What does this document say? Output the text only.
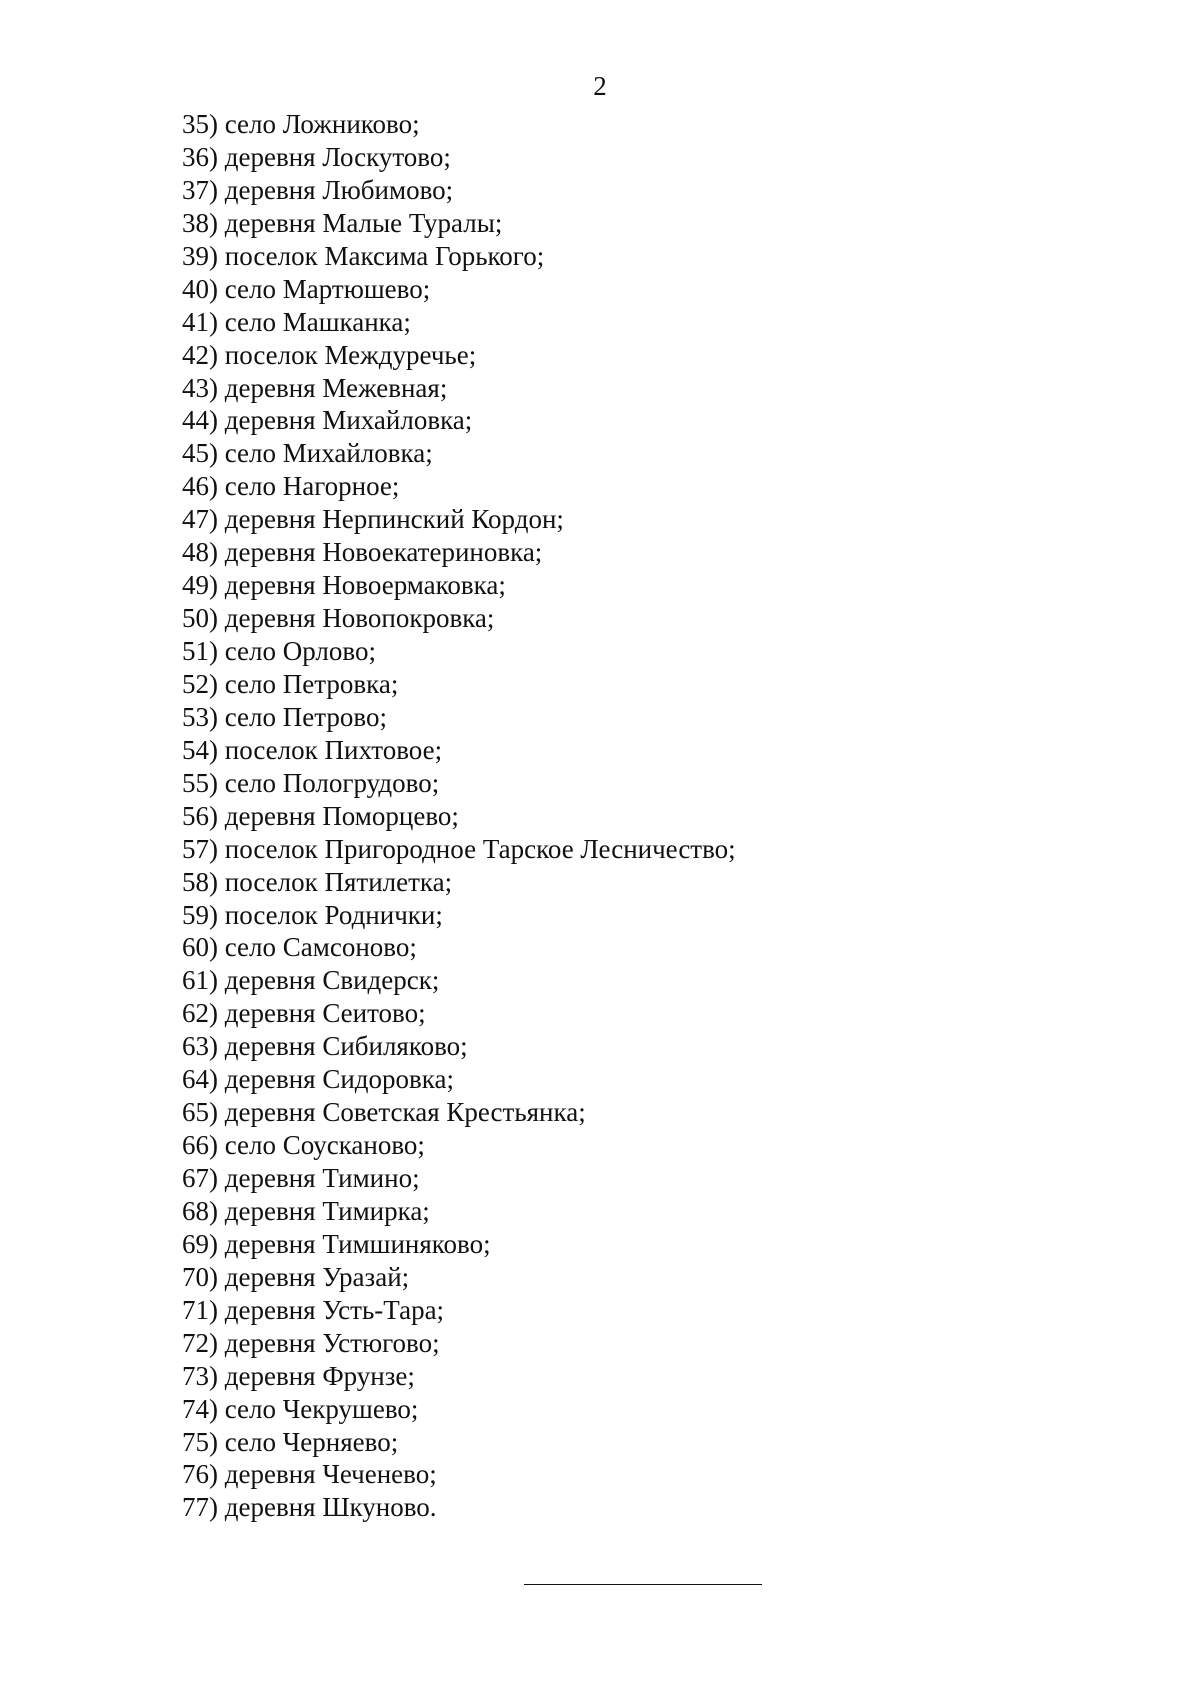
2
35) село Ложниково;
36) деревня Лоскутово;
37) деревня Любимово;
38) деревня Малые Туралы;
39) поселок Максима Горького;
40) село Мартюшево;
41) село Машканка;
42) поселок Междуречье;
43) деревня Межевная;
44) деревня Михайловка;
45) село Михайловка;
46) село Нагорное;
47) деревня Нерпинский Кордон;
48) деревня Новоекатериновка;
49) деревня Новоермаковка;
50) деревня Новопокровка;
51) село Орлово;
52) село Петровка;
53) село Петрово;
54) поселок Пихтовое;
55) село Пологрудово;
56) деревня Поморцево;
57) поселок Пригородное Тарское Лесничество;
58) поселок Пятилетка;
59) поселок Роднички;
60) село Самсоново;
61) деревня Свидерск;
62) деревня Сеитово;
63) деревня Сибиляково;
64) деревня Сидоровка;
65) деревня Советская Крестьянка;
66) село Соусканово;
67) деревня Тимино;
68) деревня Тимирка;
69) деревня Тимшиняково;
70) деревня Уразай;
71) деревня Усть-Тара;
72) деревня Устюгово;
73) деревня Фрунзе;
74) село Чекрушево;
75) село Черняево;
76) деревня Чеченево;
77) деревня Шкуново.
